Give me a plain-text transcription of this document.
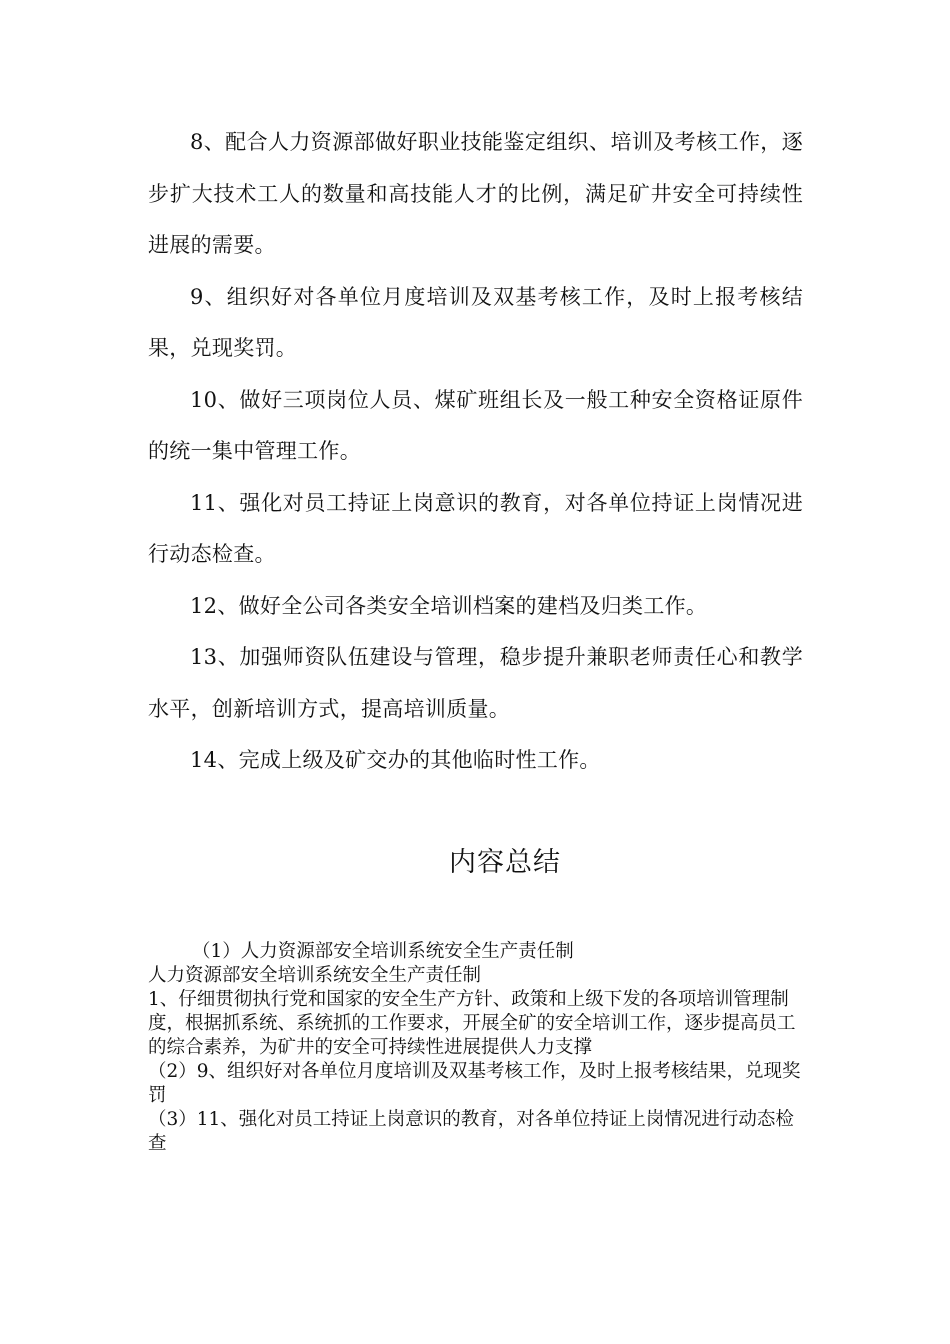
8、配合人力资源部做好职业技能鉴定组织、培训及考核工作，逐步扩大技术工人的数量和高技能人才的比例，满足矿井安全可持续性进展的需要。

9、组织好对各单位月度培训及双基考核工作，及时上报考核结果，兑现奖罚。

10、做好三项岗位人员、煤矿班组长及一般工种安全资格证原件的统一集中管理工作。

11、强化对员工持证上岗意识的教育，对各单位持证上岗情况进行动态检查。

12、做好全公司各类安全培训档案的建档及归类工作。

13、加强师资队伍建设与管理，稳步提升兼职老师责任心和教学水平，创新培训方式，提高培训质量。

14、完成上级及矿交办的其他临时性工作。

内容总结

（1）人力资源部安全培训系统安全生产责任制

人力资源部安全培训系统安全生产责任制

1、仔细贯彻执行党和国家的安全生产方针、政策和上级下发的各项培训管理制度，根据抓系统、系统抓的工作要求，开展全矿的安全培训工作，逐步提高员工的综合素养，为矿井的安全可持续性进展提供人力支撑

（2）9、组织好对各单位月度培训及双基考核工作，及时上报考核结果，兑现奖罚

（3）11、强化对员工持证上岗意识的教育，对各单位持证上岗情况进行动态检查
